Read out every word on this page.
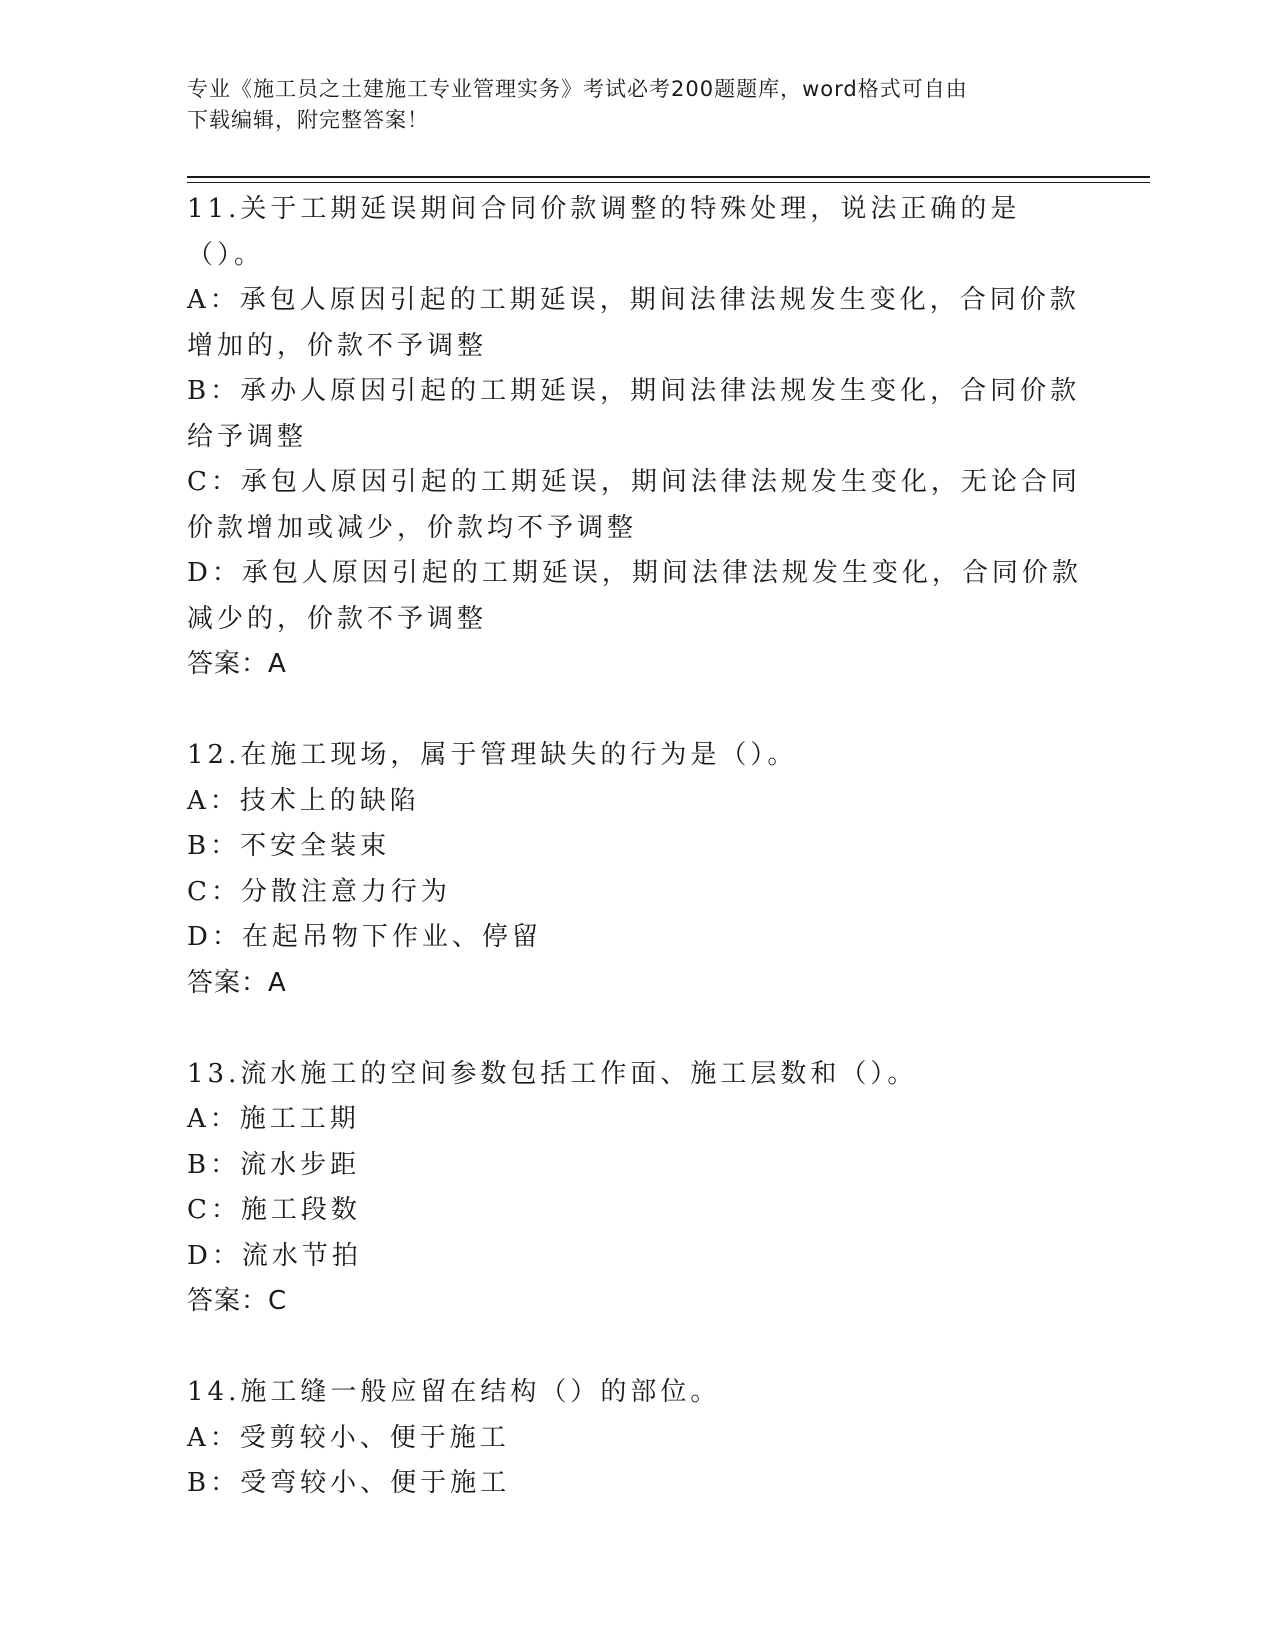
专业《施工员之土建施工专业管理实务》考试必考200题题库，word格式可自由
下载编辑，附完整答案！
11.关于工期延误期间合同价款调整的特殊处理，说法正确的是（）。
A：承包人原因引起的工期延误，期间法律法规发生变化，合同价款增加的，价款不予调整
B：承办人原因引起的工期延误，期间法律法规发生变化，合同价款给予调整
C：承包人原因引起的工期延误，期间法律法规发生变化，无论合同价款增加或减少，价款均不予调整
D：承包人原因引起的工期延误，期间法律法规发生变化，合同价款减少的，价款不予调整
答案：A
12.在施工现场，属于管理缺失的行为是（）。
A：技术上的缺陷
B：不安全装束
C：分散注意力行为
D：在起吊物下作业、停留
答案：A
13.流水施工的空间参数包括工作面、施工层数和（）。
A：施工工期
B：流水步距
C：施工段数
D：流水节拍
答案：C
14.施工缝一般应留在结构（）的部位。
A：受剪较小、便于施工
B：受弯较小、便于施工
